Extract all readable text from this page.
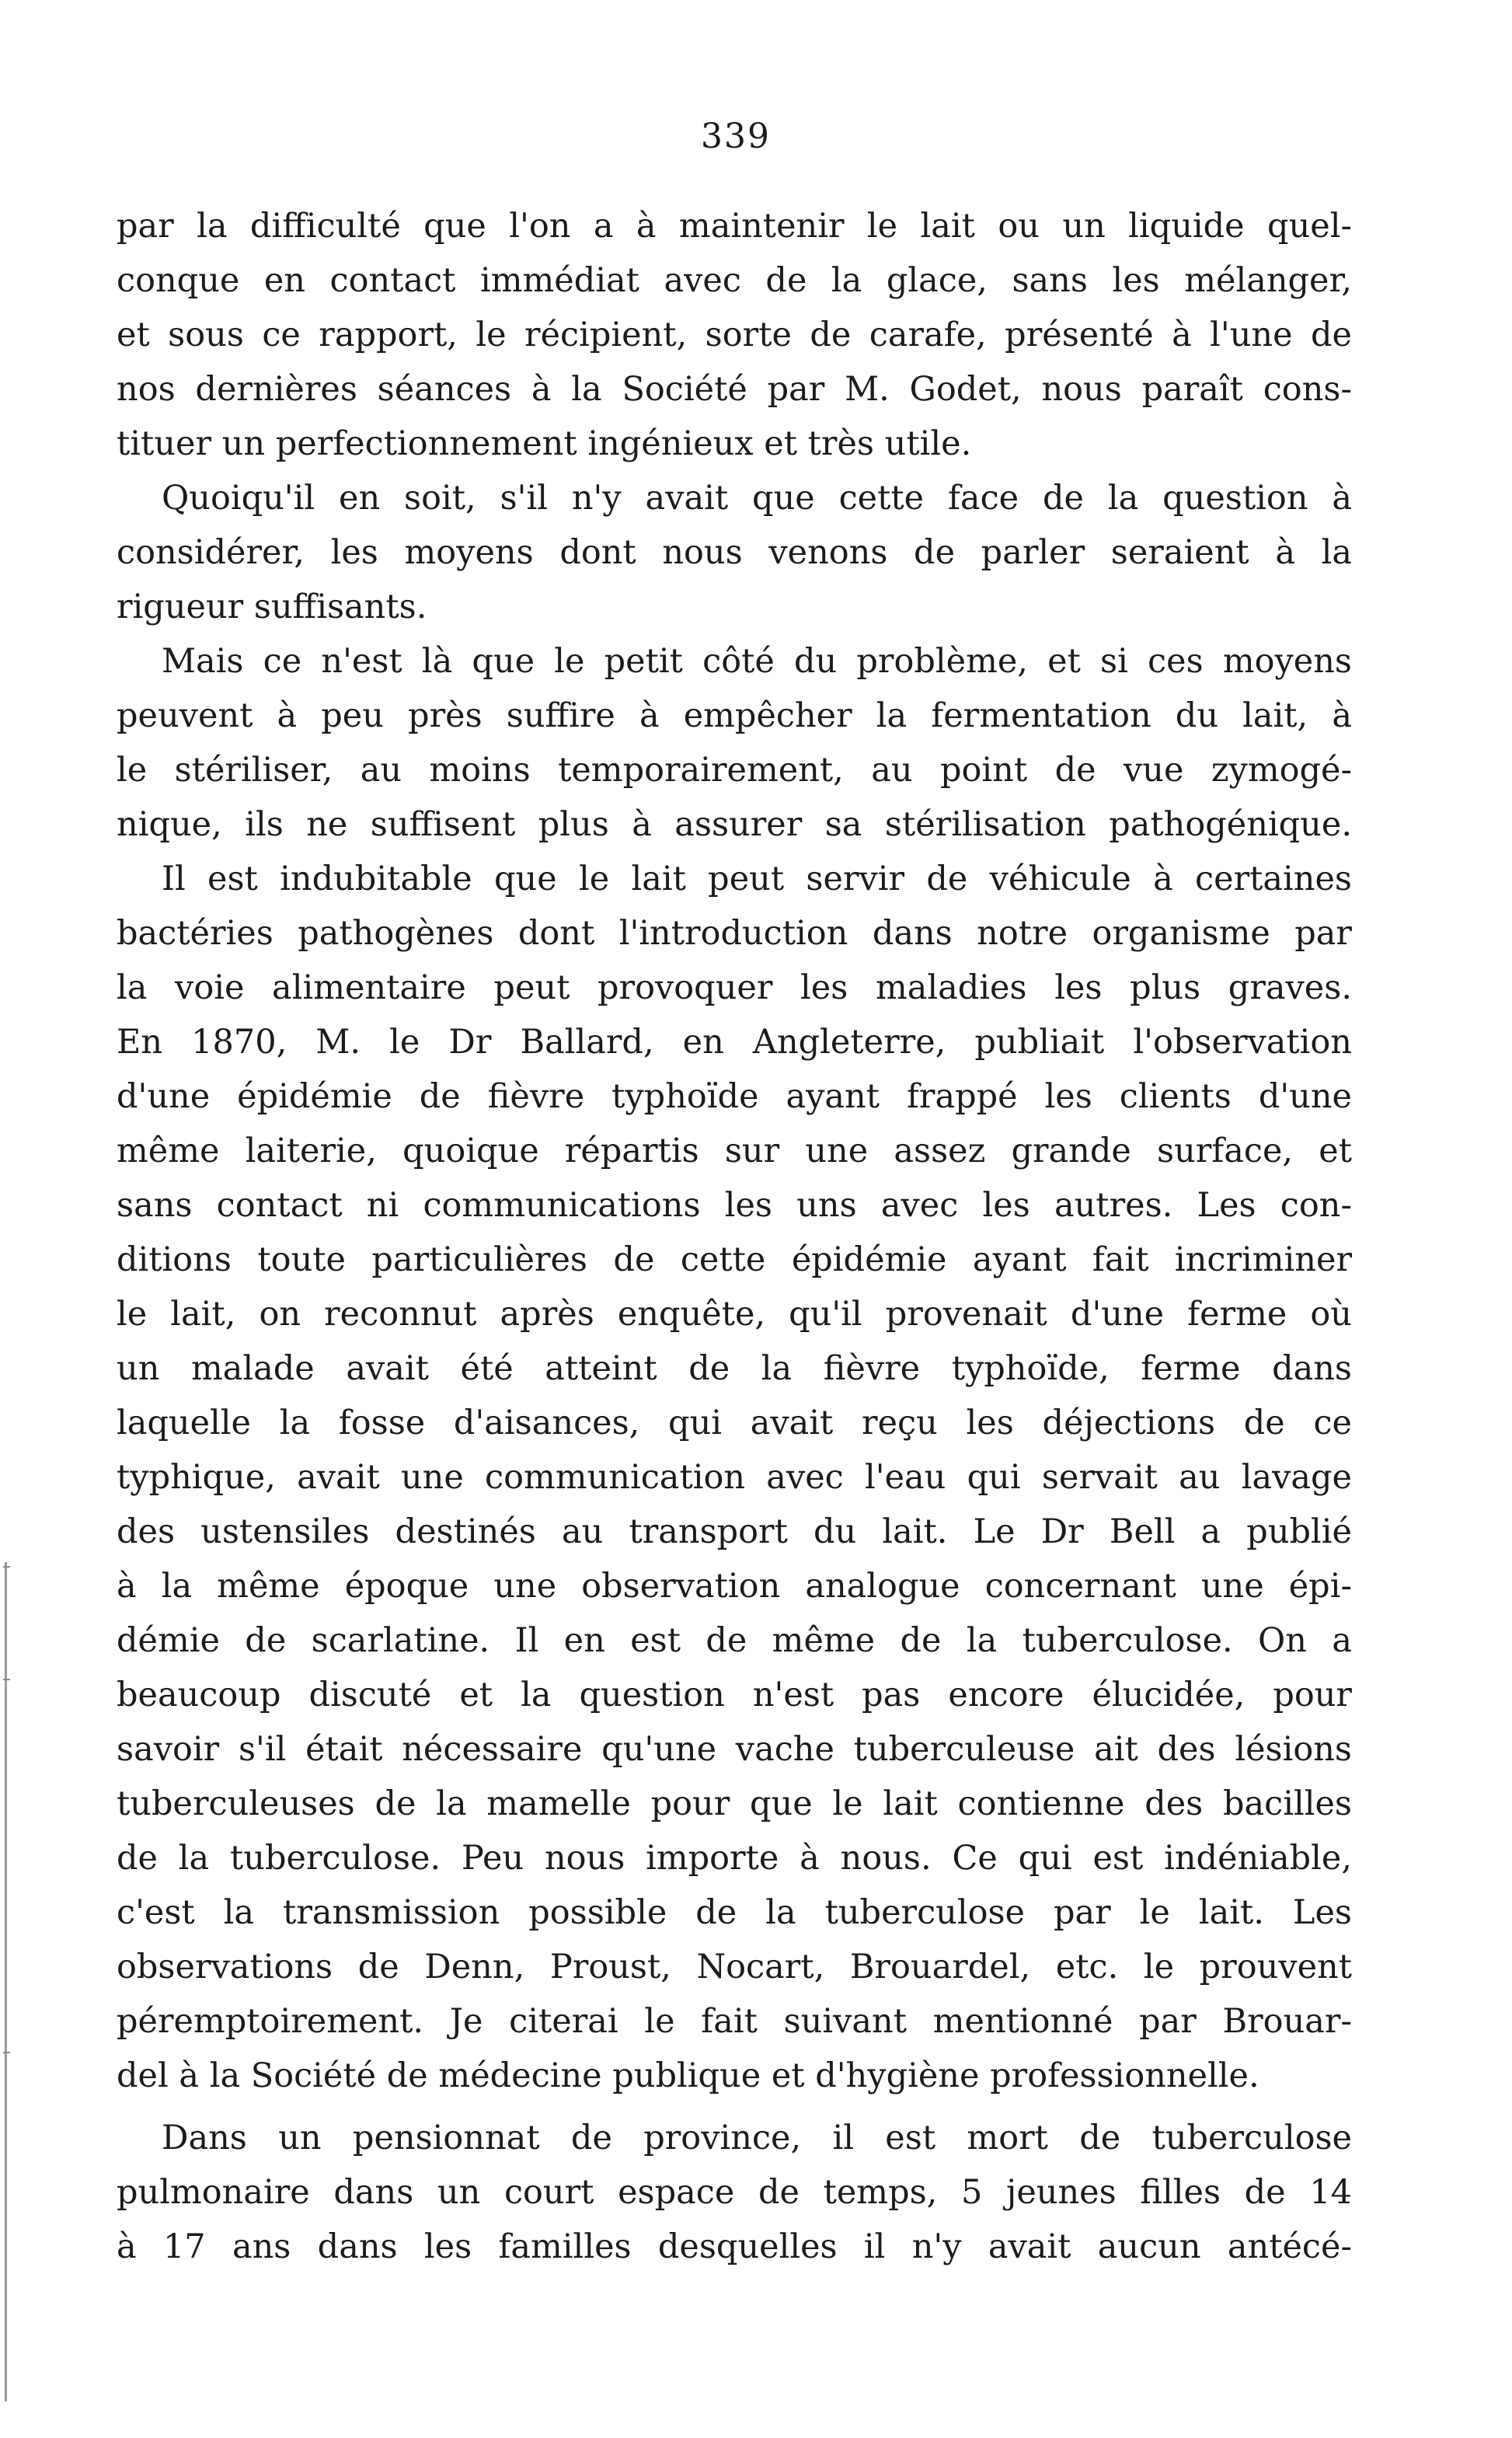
339
par la difficulté que l'on a à maintenir le lait ou un liquide quel-
conque en contact immédiat avec de la glace, sans les mélanger,
et sous ce rapport, le récipient, sorte de carafe, présenté à l'une de
nos dernières séances à la Société par M. Godet, nous paraît cons-
tituer un perfectionnement ingénieux et très utile.
Quoiqu'il en soit, s'il n'y avait que cette face de la question à
considérer, les moyens dont nous venons de parler seraient à la
rigueur suffisants.
Mais ce n'est là que le petit côté du problème, et si ces moyens
peuvent à peu près suffire à empêcher la fermentation du lait, à
le stériliser, au moins temporairement, au point de vue zymogé-
nique, ils ne suffisent plus à assurer sa stérilisation pathogénique.
Il est indubitable que le lait peut servir de véhicule à certaines
bactéries pathogènes dont l'introduction dans notre organisme par
la voie alimentaire peut provoquer les maladies les plus graves.
En 1870, M. le Dr Ballard, en Angleterre, publiait l'observation
d'une épidémie de fièvre typhoïde ayant frappé les clients d'une
même laiterie, quoique répartis sur une assez grande surface, et
sans contact ni communications les uns avec les autres. Les con-
ditions toute particulières de cette épidémie ayant fait incriminer
le lait, on reconnut après enquête, qu'il provenait d'une ferme où
un malade avait été atteint de la fièvre typhoïde, ferme dans
laquelle la fosse d'aisances, qui avait reçu les déjections de ce
typhique, avait une communication avec l'eau qui servait au lavage
des ustensiles destinés au transport du lait. Le Dr Bell a publié
à la même époque une observation analogue concernant une épi-
démie de scarlatine. Il en est de même de la tuberculose. On a
beaucoup discuté et la question n'est pas encore élucidée, pour
savoir s'il était nécessaire qu'une vache tuberculeuse ait des lésions
tuberculeuses de la mamelle pour que le lait contienne des bacilles
de la tuberculose. Peu nous importe à nous. Ce qui est indéniable,
c'est la transmission possible de la tuberculose par le lait. Les
observations de Denn, Proust, Nocart, Brouardel, etc. le prouvent
péremptoirement. Je citerai le fait suivant mentionné par Brouar-
del à la Société de médecine publique et d'hygiène professionnelle.
Dans un pensionnat de province, il est mort de tuberculose
pulmonaire dans un court espace de temps, 5 jeunes filles de 14
à 17 ans dans les familles desquelles il n'y avait aucun antécé-
